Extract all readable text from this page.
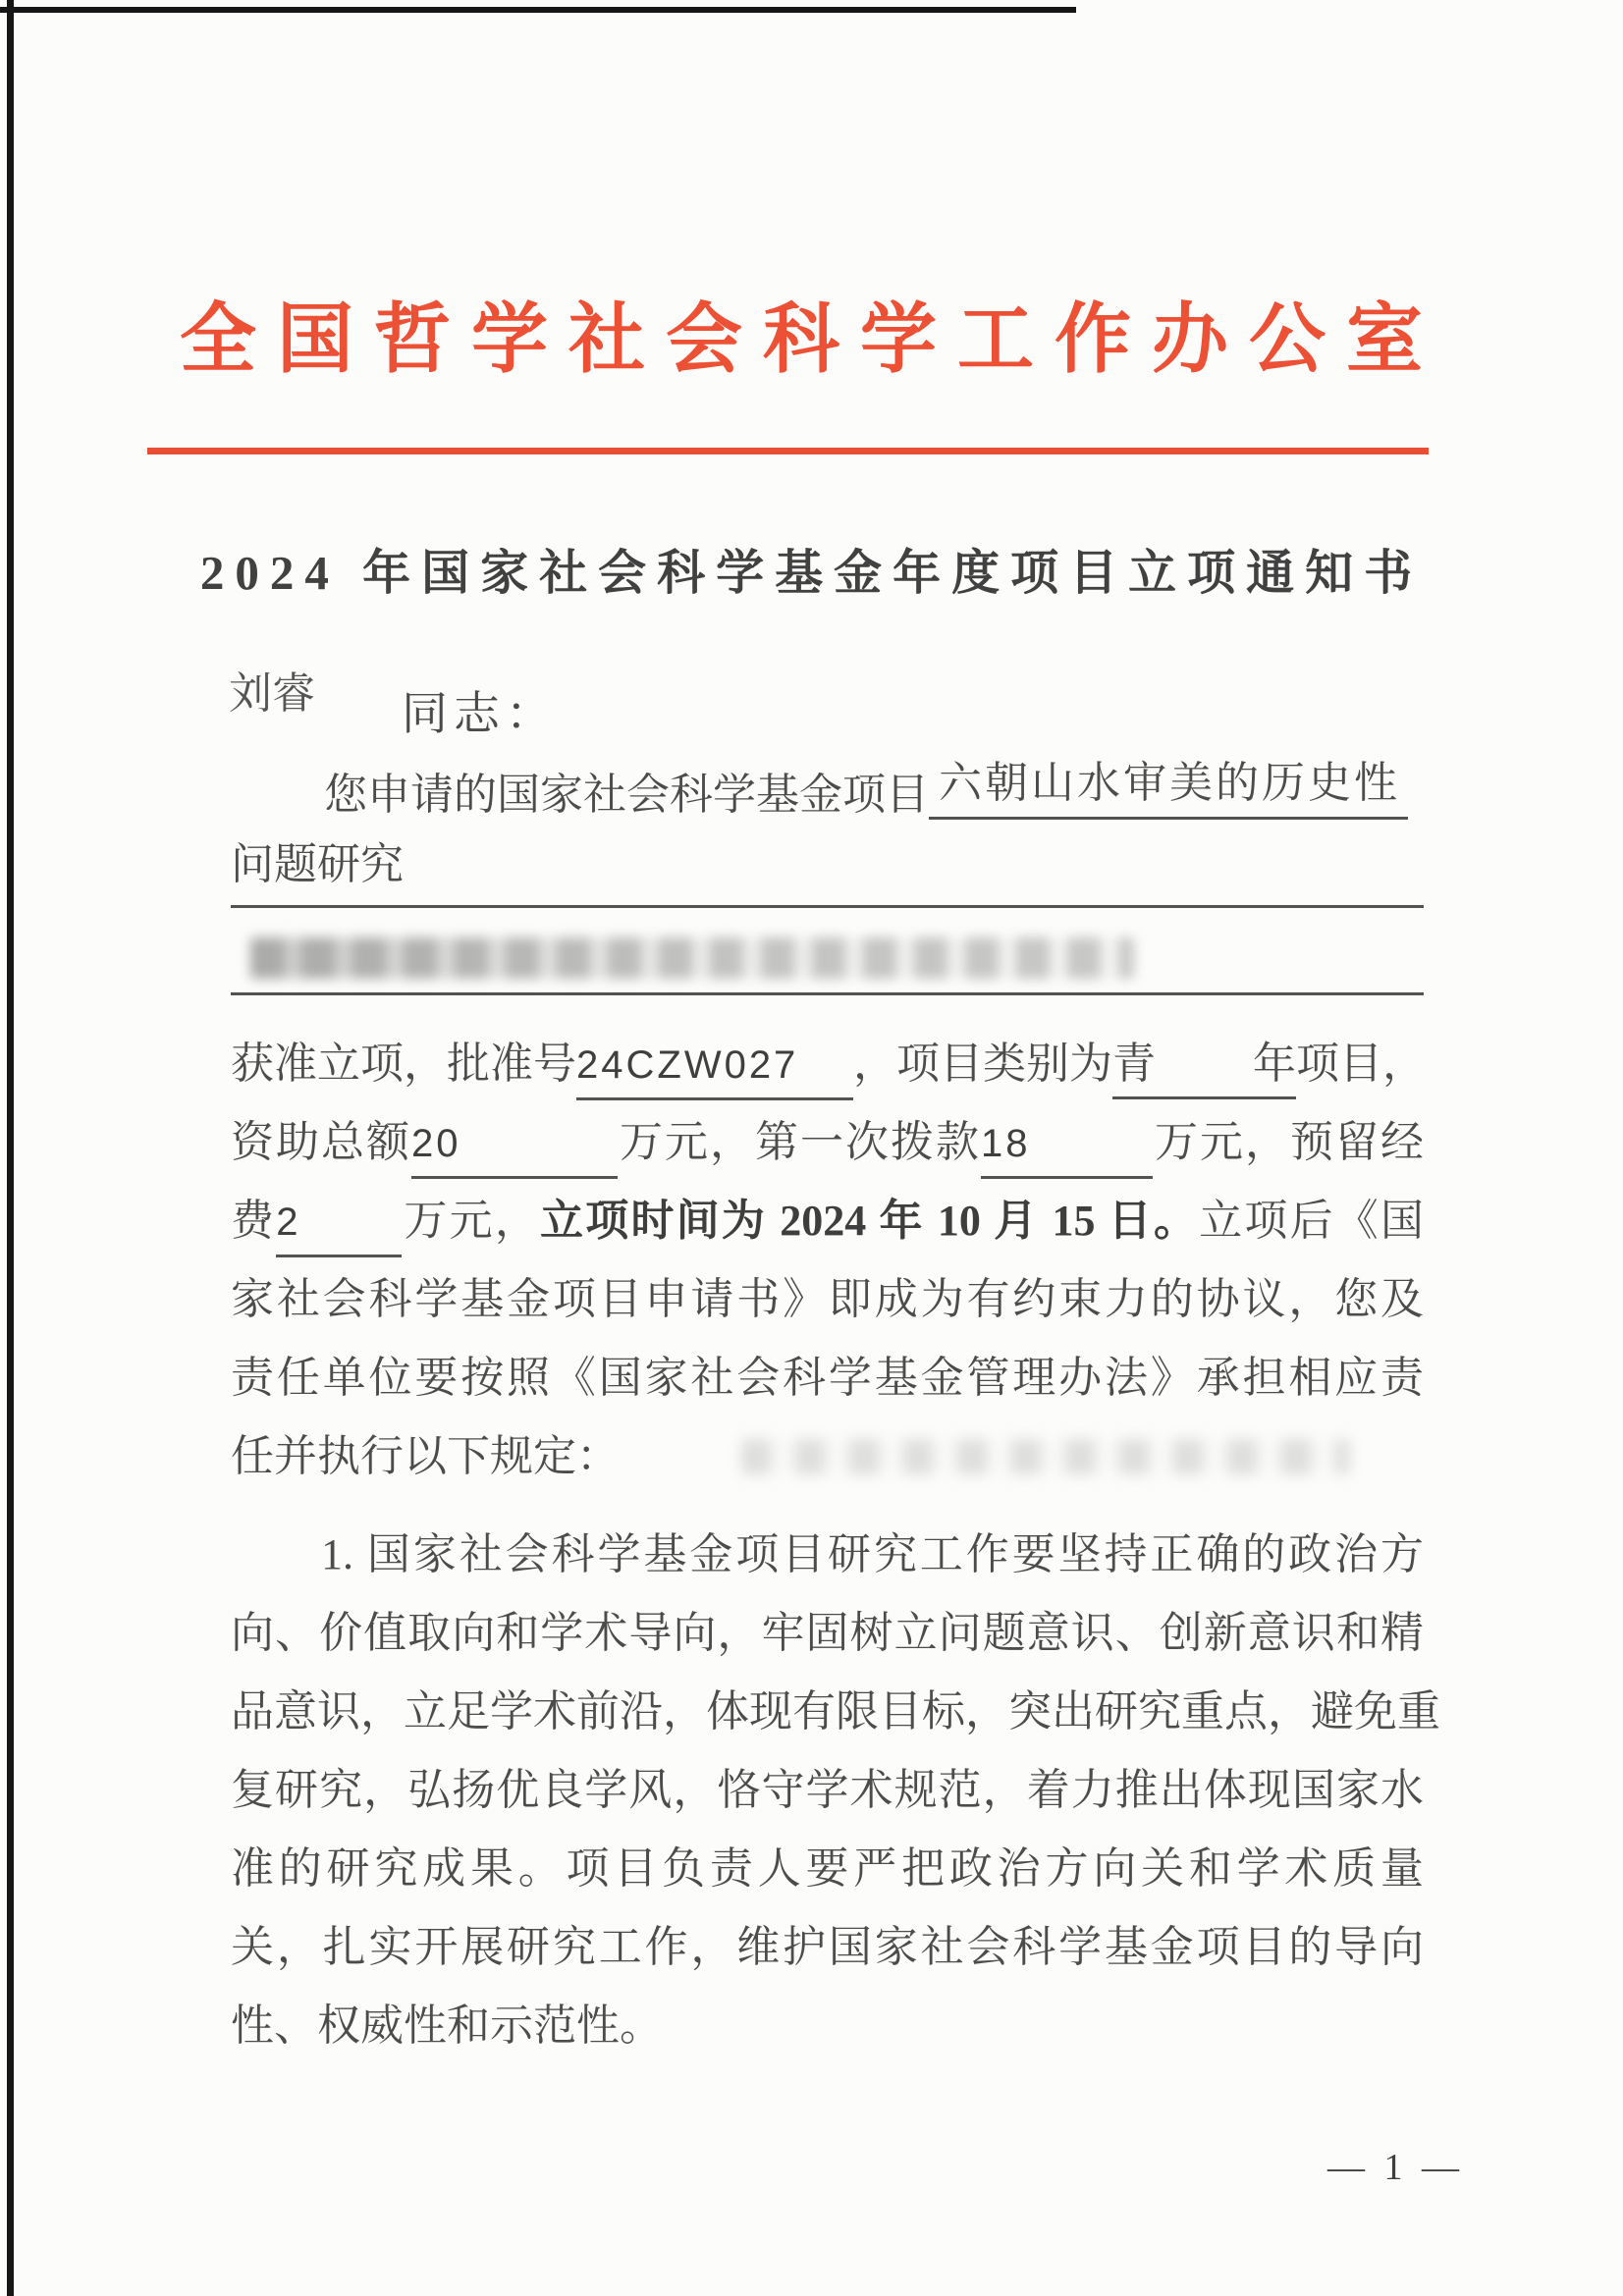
全国哲学社会科学工作办公室
2024 年国家社会科学基金年度项目立项通知书
刘睿 同志：
您申请的国家社会科学基金项目 六朝山水审美的历史性
问题研究
获准立项，批准号24CZW027 ，项目类别为青年项目，
资助总额20	万元，第一次拨款18	万元，预留经
费2 万元，立项时间为 2024 年 10 月 15 日。立项后《国
家社会科学基金项目申请书》即成为有约束力的协议，您及
责任单位要按照《国家社会科学基金管理办法》承担相应责
任并执行以下规定：
1. 国家社会科学基金项目研究工作要坚持正确的政治方
向、价值取向和学术导向，牢固树立问题意识、创新意识和精
品意识，立足学术前沿，体现有限目标，突出研究重点，避免重
复研究，弘扬优良学风，恪守学术规范，着力推出体现国家水
准的研究成果。项目负责人要严把政治方向关和学术质量
关，扎实开展研究工作，维护国家社会科学基金项目的导向
性、权威性和示范性。
— 1 —
